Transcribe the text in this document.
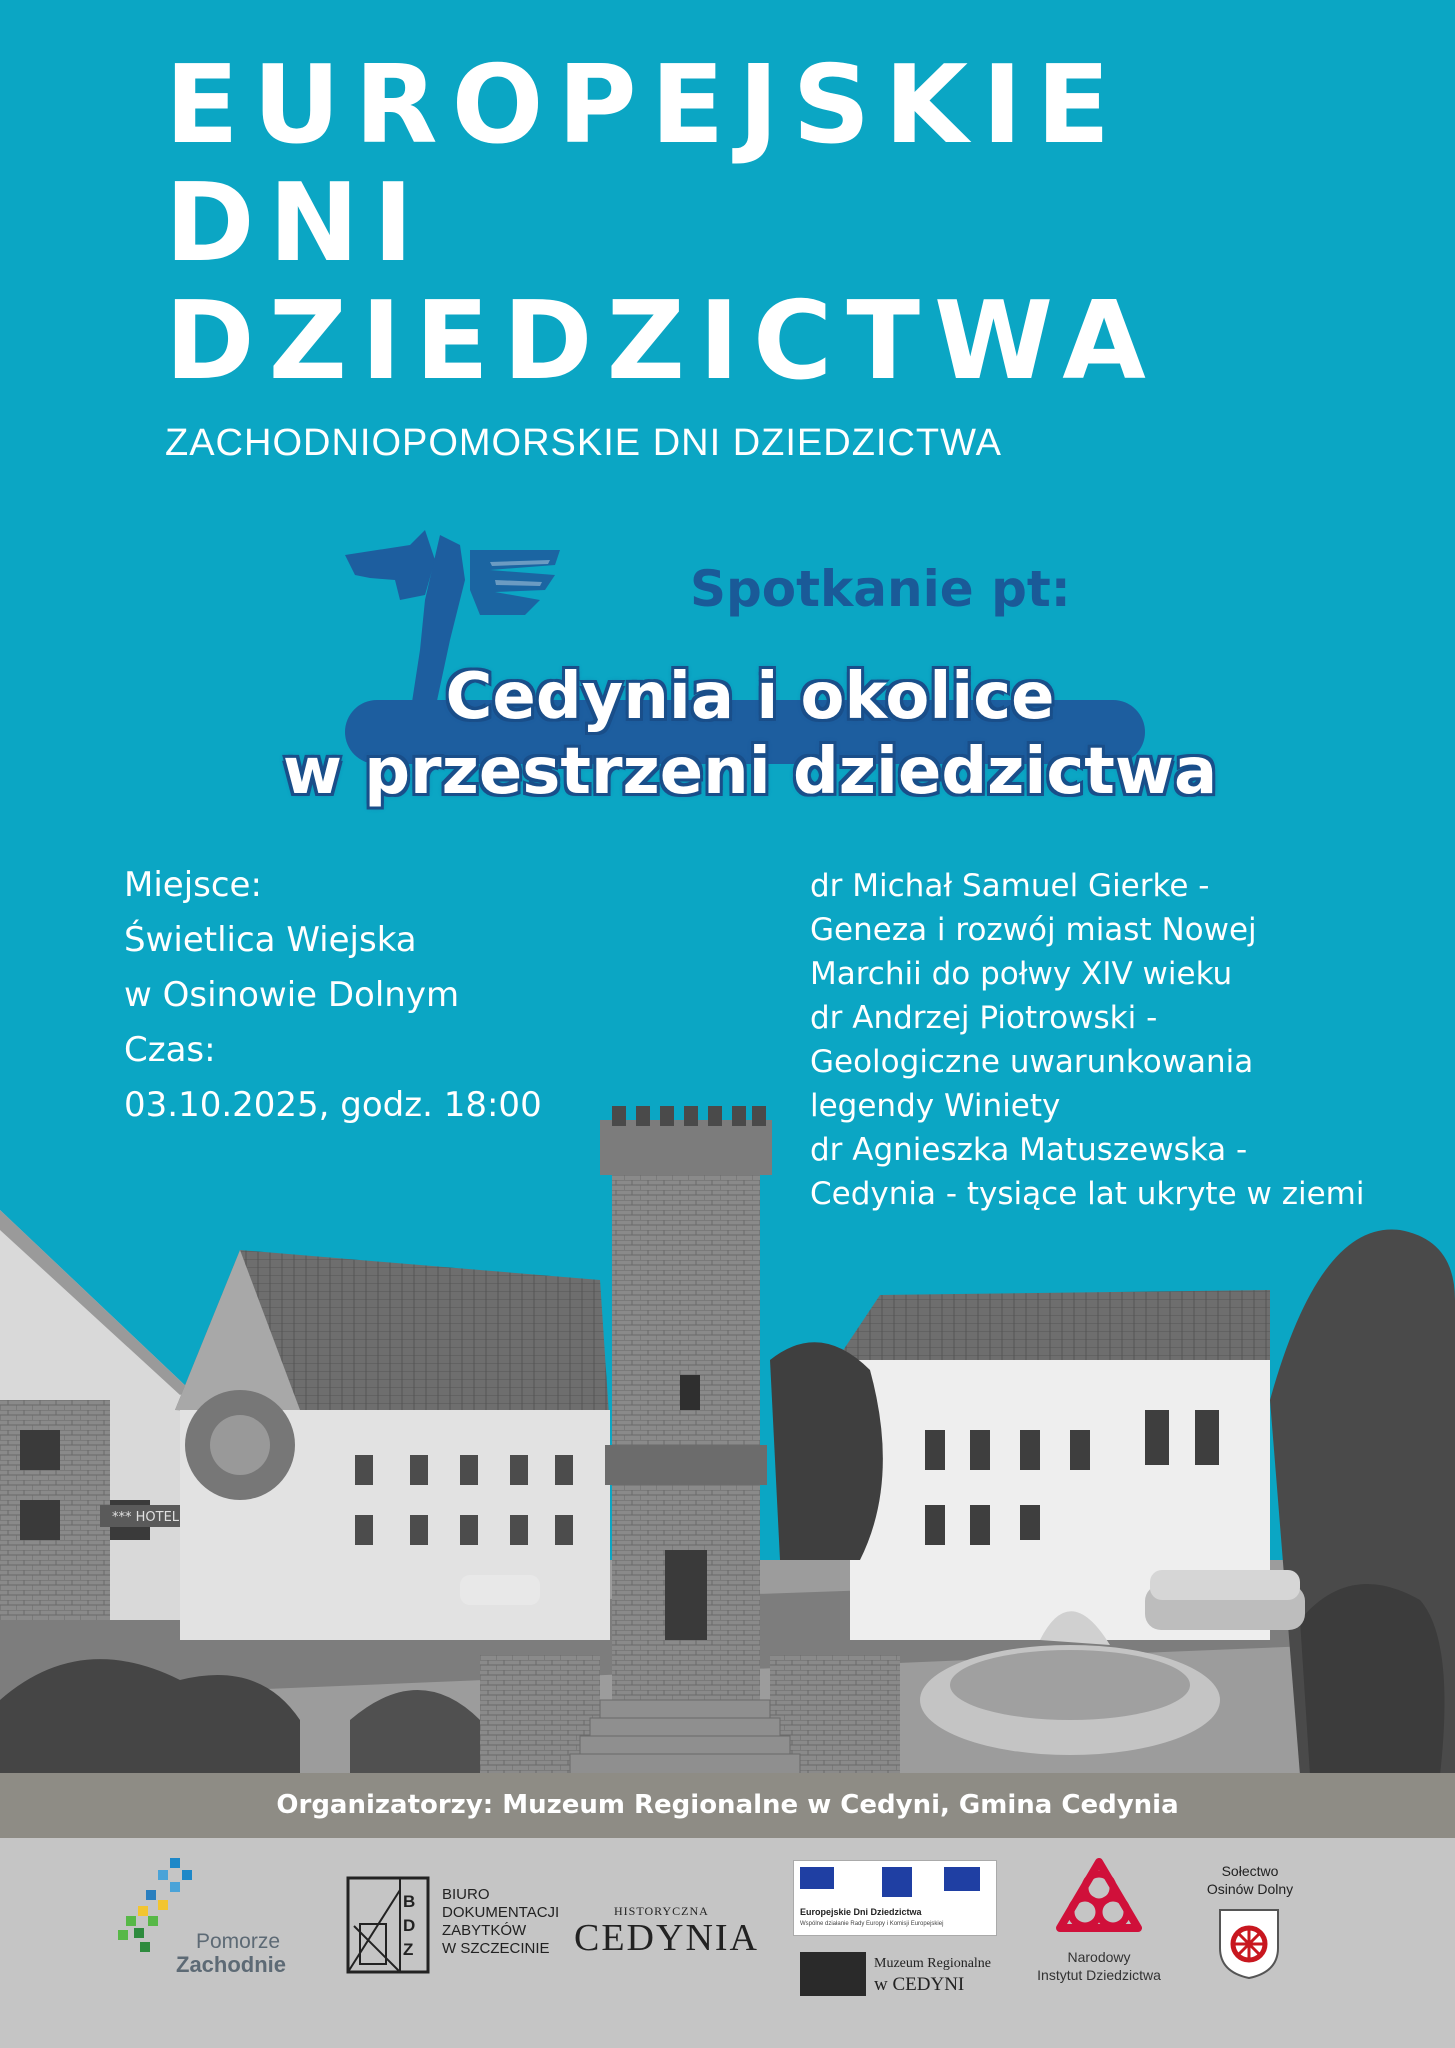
EUROPEJSKIE
DNI
DZIEDZICTWA
ZACHODNIOPOMORSKIE DNI DZIEDZICTWA
Spotkanie pt:
Cedynia i okolice
w przestrzeni dziedzictwa
Miejsce:
Świetlica Wiejska
w Osinowie Dolnym
Czas:
03.10.2025, godz. 18:00
dr Michał Samuel Gierke -
Geneza i rozwój miast Nowej
Marchii do połwy XIV wieku
dr Andrzej Piotrowski -
Geologiczne uwarunkowania
legendy Winiety
dr Agnieszka Matuszewska -
Cedynia - tysiące lat ukryte w ziemi
*** HOTEL
Organizatorzy: Muzeum Regionalne w Cedyni, Gmina Cedynia
Pomorze
Zachodnie
BDZ
BIURO
DOKUMENTACJI
ZABYTKÓW
W SZCZECINIE
HISTORYCZNA
CEDYNIA
Europejskie Dni Dziedzictwa
Wspólne działanie Rady Europy i Komisji Europejskiej
Muzeum Regionalne
w CEDYNI
Narodowy
Instytut Dziedzictwa
Sołectwo
Osinów Dolny
